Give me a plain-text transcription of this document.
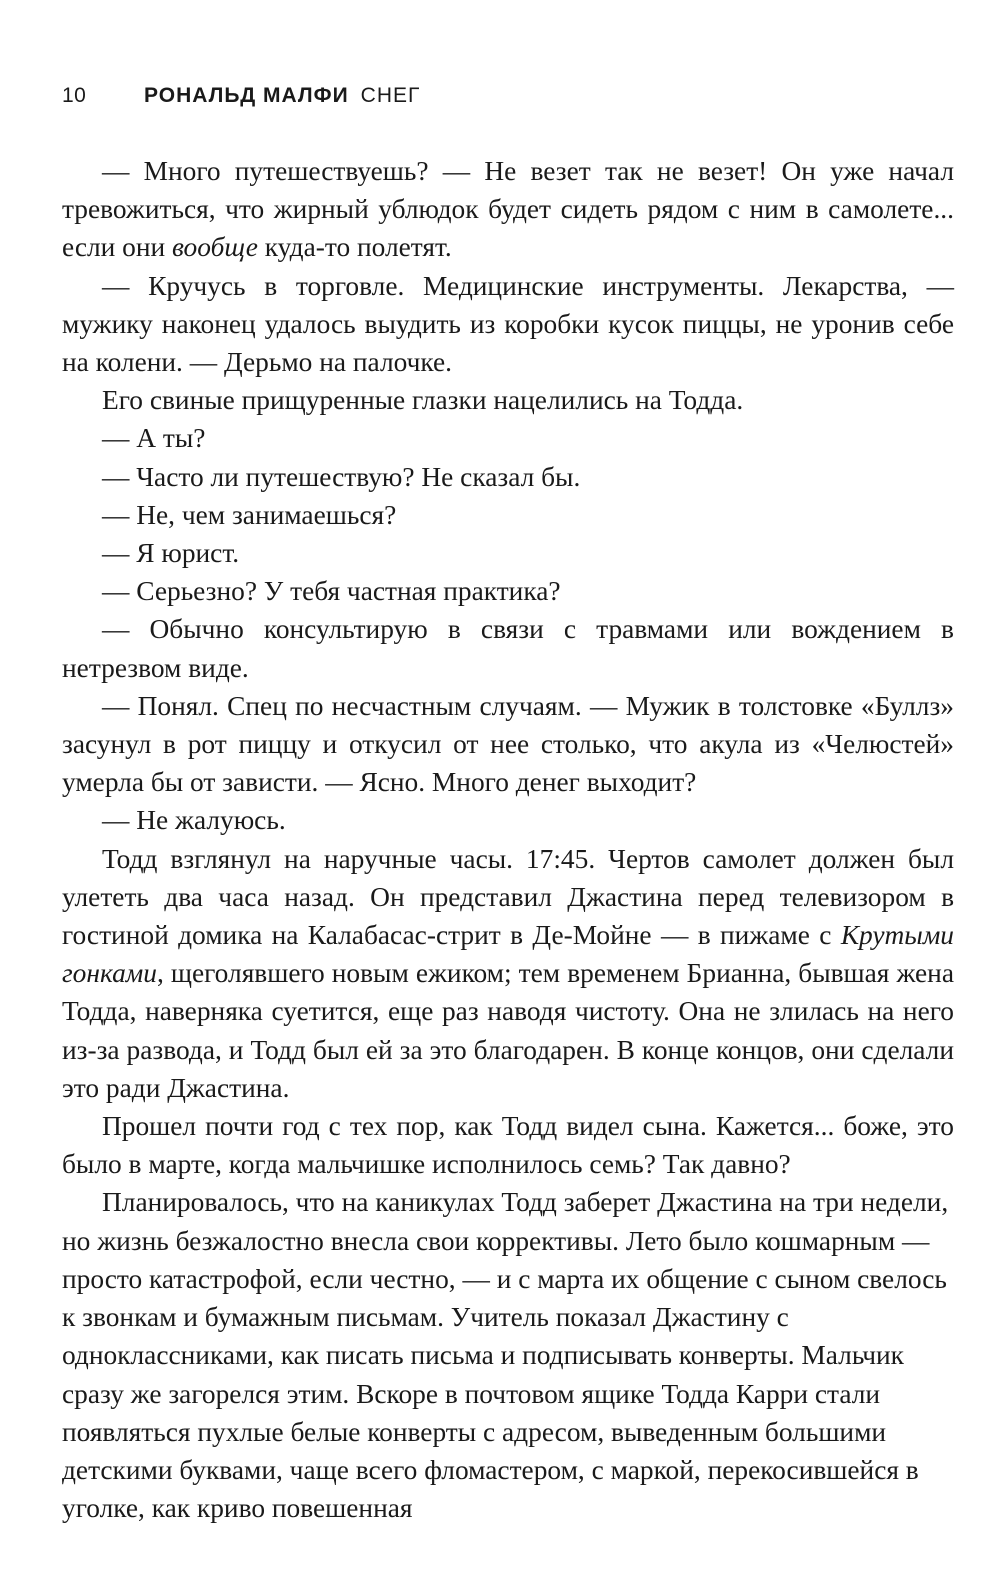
10	РОНАЛЬД МАЛФИ СНЕГ

— Много путешествуешь? — Не везет так не везет! Он уже начал тревожиться, что жирный ублюдок будет сидеть рядом с ним в самолете... если они вообще куда-то полетят.

— Кручусь в торговле. Медицинские инструменты. Лекарства, — мужику наконец удалось выудить из коробки кусок пиццы, не уронив себе на колени. — Дерьмо на палочке.

Его свиные прищуренные глазки нацелились на Тодда.

— А ты?

— Часто ли путешествую? Не сказал бы.

— Не, чем занимаешься?

— Я юрист.

— Серьезно? У тебя частная практика?

— Обычно консультирую в связи с травмами или вождением в нетрезвом виде.

— Понял. Спец по несчастным случаям. — Мужик в толстовке «Буллз» засунул в рот пиццу и откусил от нее столько, что акула из «Челюстей» умерла бы от зависти. — Ясно. Много денег выходит?

— Не жалуюсь.

Тодд взглянул на наручные часы. 17:45. Чертов самолет должен был улететь два часа назад. Он представил Джастина перед телевизором в гостиной домика на Калабасас-стрит в Де-Мойне — в пижаме с Крутыми гонками, щеголявшего новым ежиком; тем временем Брианна, бывшая жена Тодда, наверняка суетится, еще раз наводя чистоту. Она не злилась на него из-за развода, и Тодд был ей за это благодарен. В конце концов, они сделали это ради Джастина.

Прошел почти год с тех пор, как Тодд видел сына. Кажется... боже, это было в марте, когда мальчишке исполнилось семь? Так давно?

Планировалось, что на каникулах Тодд заберет Джастина на три недели, но жизнь безжалостно внесла свои коррективы. Лето было кошмарным — просто катастрофой, если честно, — и с марта их общение с сыном свелось к звонкам и бумажным письмам. Учитель показал Джастину с одноклассниками, как писать письма и подписывать конверты. Мальчик сразу же загорелся этим. Вскоре в почтовом ящике Тодда Карри стали появляться пухлые белые конверты с адресом, выведенным большими детскими буквами, чаще всего фломастером, с маркой, перекосившейся в уголке, как криво повешенная
